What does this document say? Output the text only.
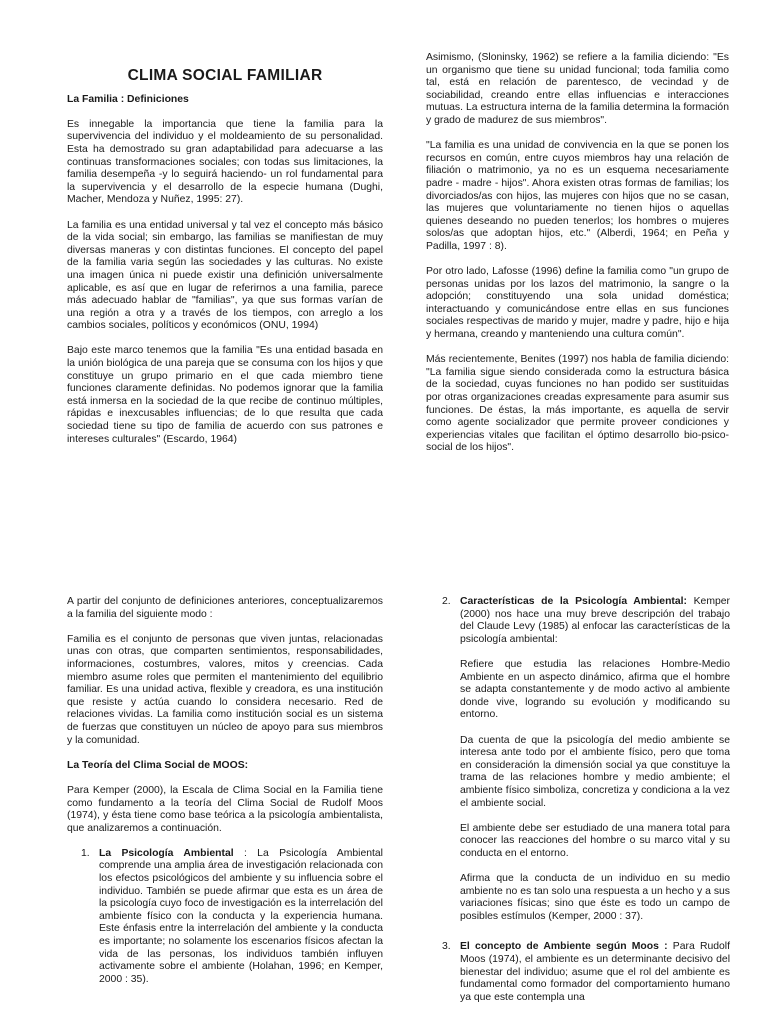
CLIMA SOCIAL FAMILIAR
La Familia : Definiciones

Es innegable la importancia que tiene la familia para la supervivencia del individuo y el moldeamiento de su personalidad. Esta ha demostrado su gran adaptabilidad para adecuarse a las continuas transformaciones sociales; con todas sus limitaciones, la familia desempeña -y lo seguirá haciendo- un rol fundamental para la supervivencia y el desarrollo de la especie humana (Dughi, Macher, Mendoza y Nuñez, 1995: 27).

La familia es una entidad universal y tal vez el concepto más básico de la vida social; sin embargo, las familias se manifiestan de muy diversas maneras y con distintas funciones. El concepto del papel de la familia varia según las sociedades y las culturas. No existe una imagen única ni puede existir una definición universalmente aplicable, es así que en lugar de referirnos a una familia, parece más adecuado hablar de "familias", ya que sus formas varían de una región a otra y a través de los tiempos, con arreglo a los cambios sociales, políticos y económicos (ONU, 1994)

Bajo este marco tenemos que la familia "Es una entidad basada en la unión biológica de una pareja que se consuma con los hijos y que constituye un grupo primario en el que cada miembro tiene funciones claramente definidas. No podemos ignorar que la familia está inmersa en la sociedad de la que recibe de continuo múltiples, rápidas e inexcusables influencias; de lo que resulta que cada sociedad tiene su tipo de familia de acuerdo con sus patrones e intereses culturales" (Escardo, 1964)

Asimismo, (Sloninsky, 1962) se refiere a la familia diciendo: "Es un organismo que tiene su unidad funcional; toda familia como tal, está en relación de parentesco, de vecindad y de sociabilidad, creando entre ellas influencias e interacciones mutuas. La estructura interna de la familia determina la formación y grado de madurez de sus miembros".

"La familia es una unidad de convivencia en la que se ponen los recursos en común, entre cuyos miembros hay una relación de filiación o matrimonio, ya no es un esquema necesariamente padre - madre - hijos". Ahora existen otras formas de familias; los divorciados/as con hijos, las mujeres con hijos que no se casan, las mujeres que voluntariamente no tienen hijos o aquellas quienes deseando no pueden tenerlos; los hombres o mujeres solos/as que adoptan hijos, etc." (Alberdi, 1964; en Peña y Padilla, 1997 : 8).

Por otro lado, Lafosse (1996) define la familia como "un grupo de personas unidas por los lazos del matrimonio, la sangre o la adopción; constituyendo una sola unidad doméstica; interactuando y comunicándose entre ellas en sus funciones sociales respectivas de marido y mujer, madre y padre, hijo e hija y hermana, creando y manteniendo una cultura común".

Más recientemente, Benites (1997) nos habla de familia diciendo: "La familia sigue siendo considerada como la estructura básica de la sociedad, cuyas funciones no han podido ser sustituidas por otras organizaciones creadas expresamente para asumir sus funciones. De éstas, la más importante, es aquella de servir como agente socializador que permite proveer condiciones y experiencias vitales que facilitan el óptimo desarrollo bio-psico-social de los hijos".

A partir del conjunto de definiciones anteriores, conceptualizaremos a la familia del siguiente modo :

Familia es el conjunto de personas que viven juntas, relacionadas unas con otras, que comparten sentimientos, responsabilidades, informaciones, costumbres, valores, mitos y creencias. Cada miembro asume roles que permiten el mantenimiento del equilibrio familiar. Es una unidad activa, flexible y creadora, es una institución que resiste y actúa cuando lo considera necesario. Red de relaciones vividas. La familia como institución social es un sistema de fuerzas que constituyen un núcleo de apoyo para sus miembros y la comunidad.

La Teoría del Clima Social de MOOS:

Para Kemper (2000), la Escala de Clima Social en la Familia tiene como fundamento a la teoría del Clima Social de Rudolf Moos (1974), y ésta tiene como base teórica a la psicología ambientalista, que analizaremos a continuación.

1. La Psicología Ambiental : La Psicología Ambiental comprende una amplia área de investigación relacionada con los efectos psicológicos del ambiente y su influencia sobre el individuo. También se puede afirmar que esta es un área de la psicología cuyo foco de investigación es la interrelación del ambiente físico con la conducta y la experiencia humana. Este énfasis entre la interrelación del ambiente y la conducta es importante; no solamente los escenarios físicos afectan la vida de las personas, los individuos también influyen activamente sobre el ambiente (Holahan, 1996; en Kemper, 2000 : 35).

2. Características de la Psicología Ambiental: Kemper (2000) nos hace una muy breve descripción del trabajo del Claude Levy (1985) al enfocar las características de la psicología ambiental:

Refiere que estudia las relaciones Hombre-Medio Ambiente en un aspecto dinámico, afirma que el hombre se adapta constantemente y de modo activo al ambiente donde vive, logrando su evolución y modificando su entorno.

Da cuenta de que la psicología del medio ambiente se interesa ante todo por el ambiente físico, pero que toma en consideración la dimensión social ya que constituye la trama de las relaciones hombre y medio ambiente; el ambiente físico simboliza, concretiza y condiciona a la vez el ambiente social.

El ambiente debe ser estudiado de una manera total para conocer las reacciones del hombre o su marco vital y su conducta en el entorno.

Afirma que la conducta de un individuo en su medio ambiente no es tan solo una respuesta a un hecho y a sus variaciones físicas; sino que éste es todo un campo de posibles estímulos (Kemper, 2000 : 37).

3. El concepto de Ambiente según Moos : Para Rudolf Moos (1974), el ambiente es un determinante decisivo del bienestar del individuo; asume que el rol del ambiente es fundamental como formador del comportamiento humano ya que este contempla una
